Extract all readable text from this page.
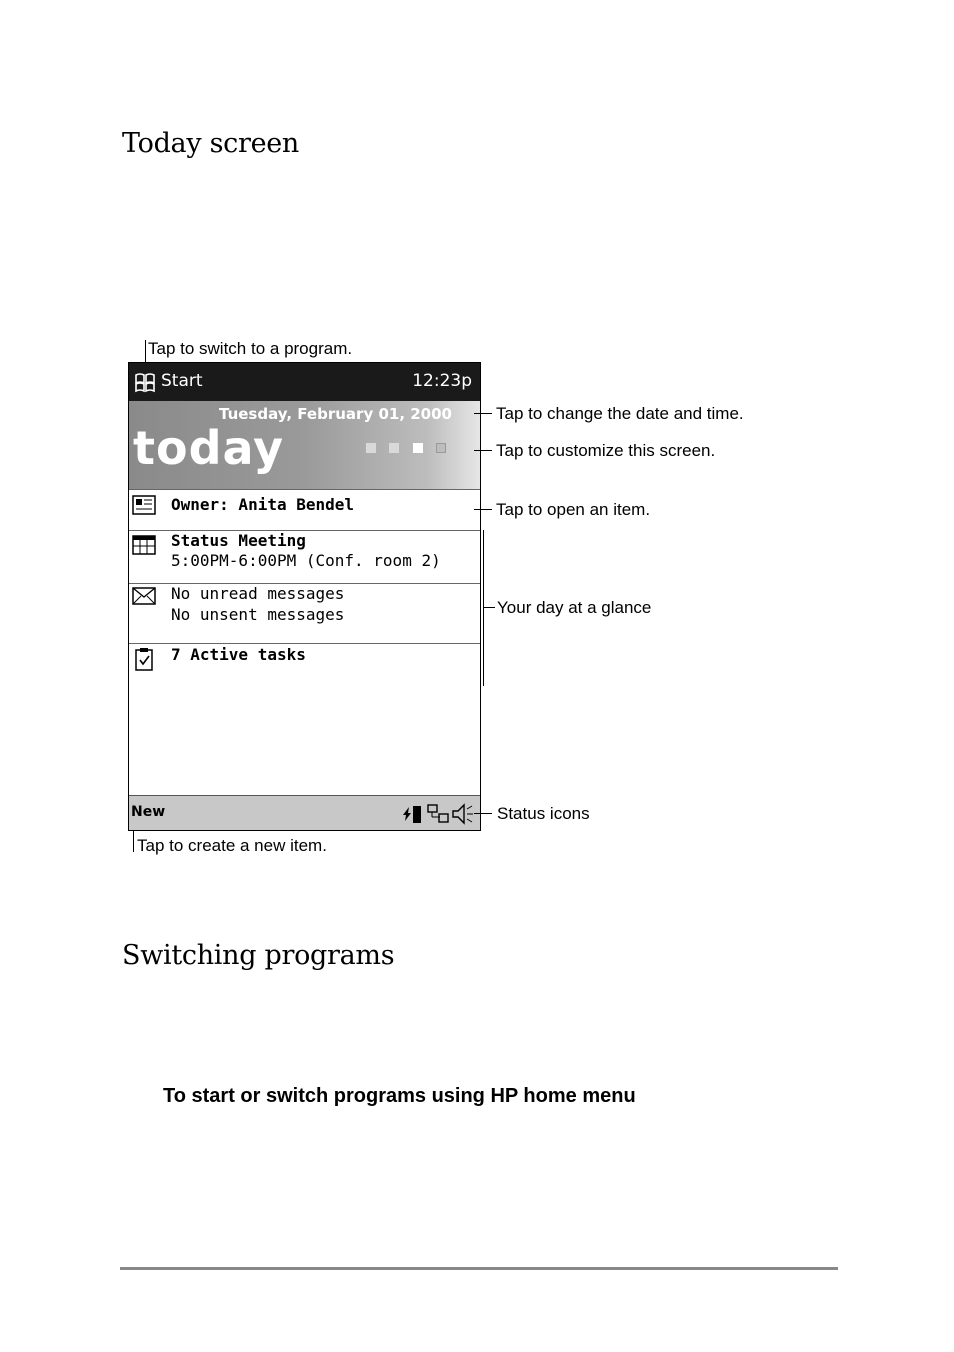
Today screen
Tap to switch to a program.
Start	12:23p
Tuesday, February 01, 2000
today
Owner: Anita Bendel
Status Meeting
5:00PM-6:00PM (Conf. room 2)
No unread messages
No unsent messages
7 Active tasks
New
Tap to change the date and time.
Tap to customize this screen.
Tap to open an item.
Your day at a glance
Status icons
Tap to create a new item.
Switching programs
To start or switch programs using HP home menu
